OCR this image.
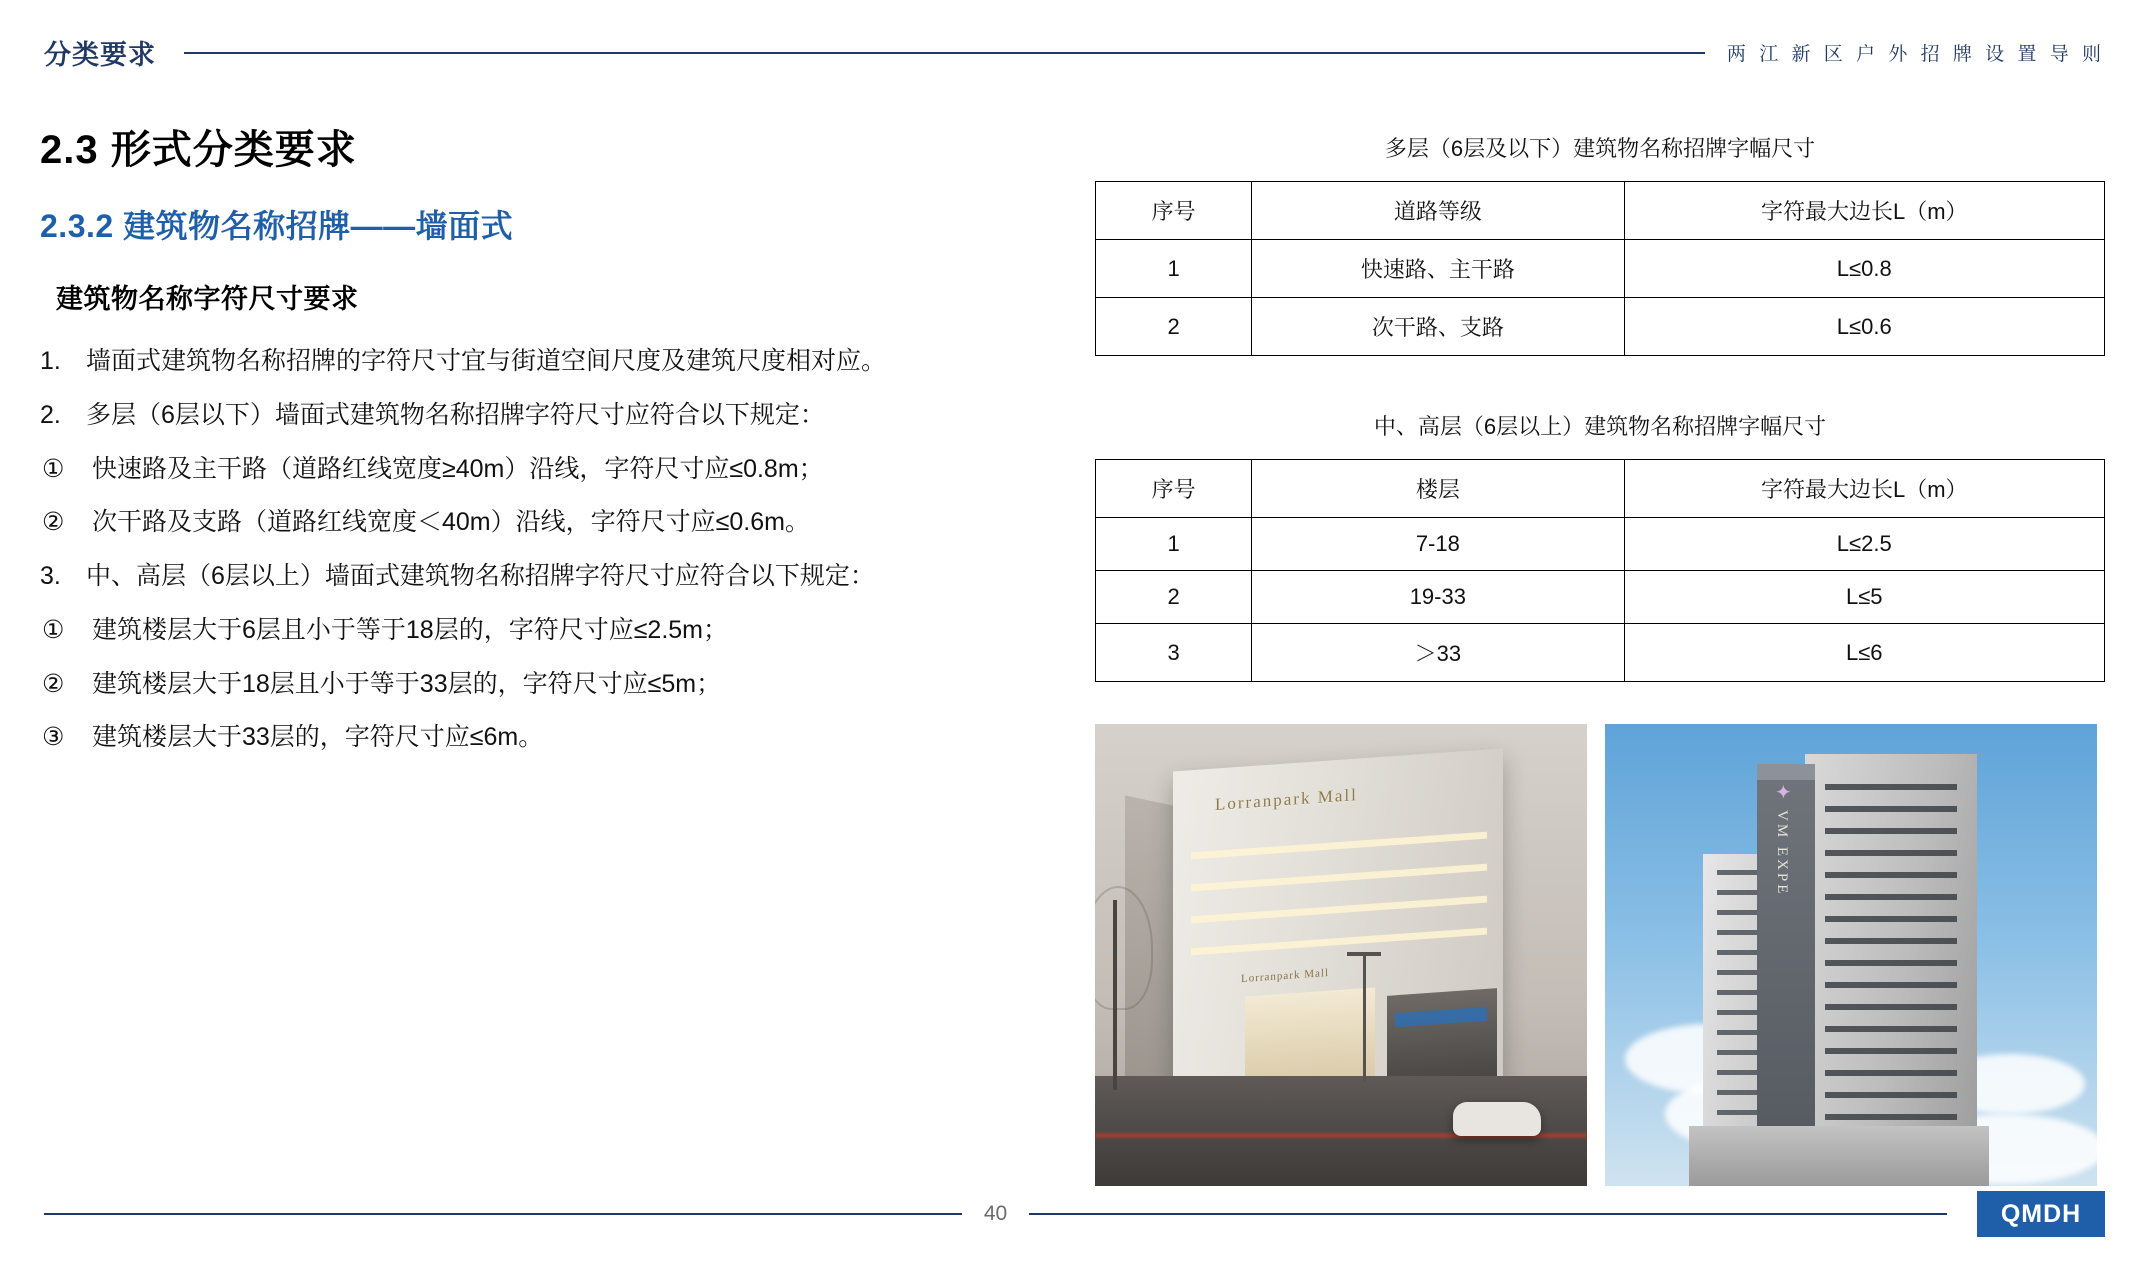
分类要求	两 江 新 区 户 外 招 牌 设 置 导 则
2.3 形式分类要求
2.3.2 建筑物名称招牌——墙面式
建筑物名称字符尺寸要求
1.	墙面式建筑物名称招牌的字符尺寸宜与街道空间尺度及建筑尺度相对应。
2.	多层（6层以下）墙面式建筑物名称招牌字符尺寸应符合以下规定：
①	快速路及主干路（道路红线宽度≥40m）沿线，字符尺寸应≤0.8m；
②	次干路及支路（道路红线宽度＜40m）沿线，字符尺寸应≤0.6m。
3.	中、高层（6层以上）墙面式建筑物名称招牌字符尺寸应符合以下规定：
①	建筑楼层大于6层且小于等于18层的，字符尺寸应≤2.5m；
②	建筑楼层大于18层且小于等于33层的，字符尺寸应≤5m；
③	建筑楼层大于33层的，字符尺寸应≤6m。
多层（6层及以下）建筑物名称招牌字幅尺寸
序号	道路等级	字符最大边长L（m）
1	快速路、主干路	L≤0.8
2	次干路、支路	L≤0.6
中、高层（6层以上）建筑物名称招牌字幅尺寸
序号	楼层	字符最大边长L（m）
1	7-18	L≤2.5
2	19-33	L≤5
3	＞33	L≤6
Lorranpark Mall
Lorranpark Mall
✦
VM EXPE
40	QMDH
